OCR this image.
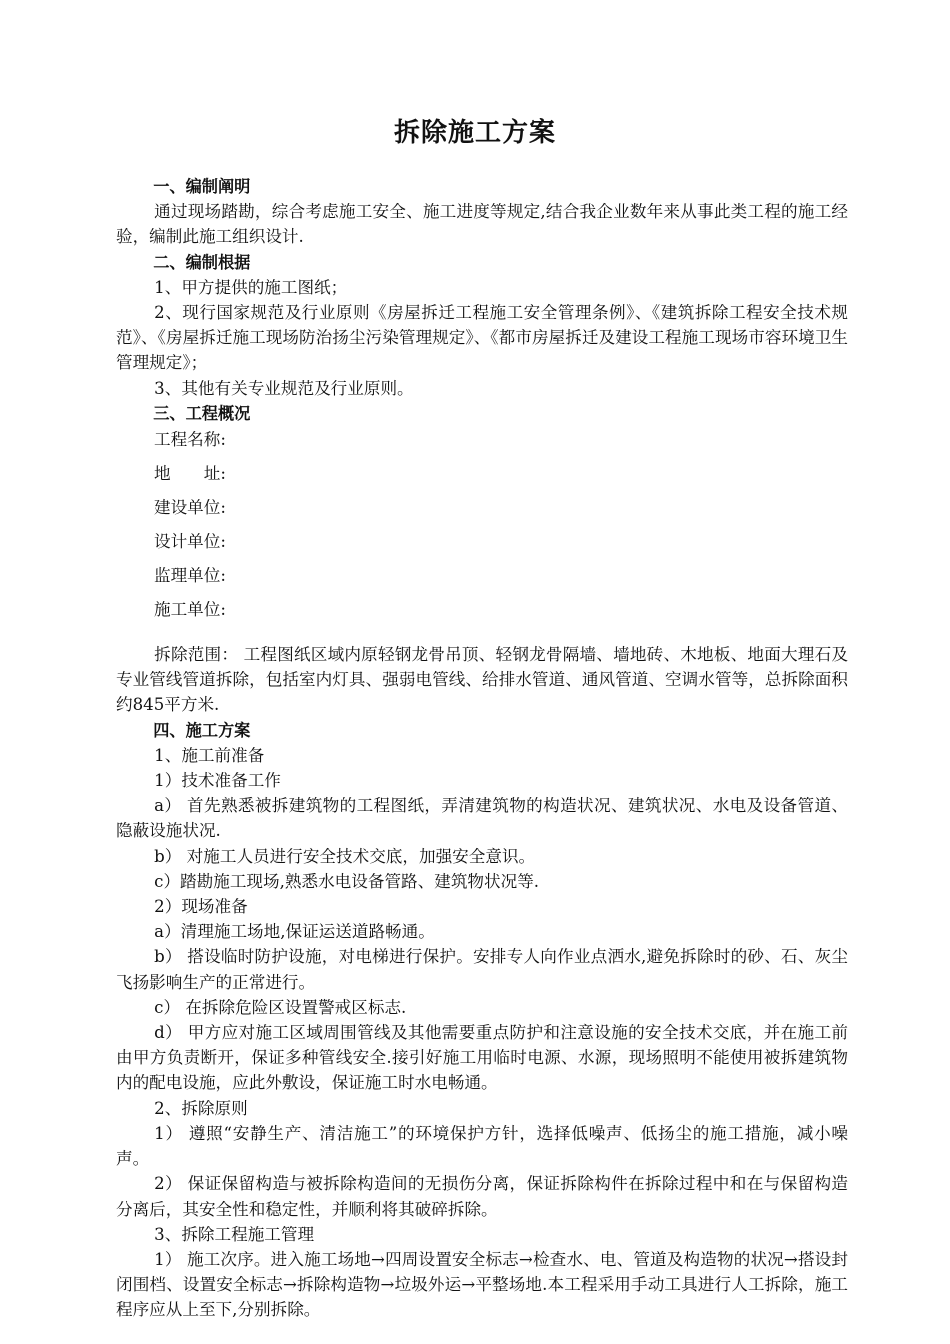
拆除施工方案

一、编制阐明

通过现场踏勘，综合考虑施工安全、施工进度等规定,结合我企业数年来从事此类工程的施工经验，编制此施工组织设计.

二、编制根据

1、甲方提供的施工图纸；

2、现行国家规范及行业原则《房屋拆迁工程施工安全管理条例》、《建筑拆除工程安全技术规范》、《房屋拆迁施工现场防治扬尘污染管理规定》、《都市房屋拆迁及建设工程施工现场市容环境卫生管理规定》；

3、其他有关专业规范及行业原则。

三、工程概况

工程名称:
地　　址:
建设单位:
设计单位:
监理单位:
施工单位:

拆除范围： 工程图纸区域内原轻钢龙骨吊顶、轻钢龙骨隔墙、墙地砖、木地板、地面大理石及专业管线管道拆除，包括室内灯具、强弱电管线、给排水管道、通风管道、空调水管等，总拆除面积约845平方米.

四、施工方案

1、施工前准备

1）技术准备工作

a） 首先熟悉被拆建筑物的工程图纸，弄清建筑物的构造状况、建筑状况、水电及设备管道、隐蔽设施状况.

b） 对施工人员进行安全技术交底，加强安全意识。

c）踏勘施工现场,熟悉水电设备管路、建筑物状况等.

2）现场准备

a）清理施工场地,保证运送道路畅通。

b） 搭设临时防护设施，对电梯进行保护。安排专人向作业点洒水,避免拆除时的砂、石、灰尘飞扬影响生产的正常进行。

c） 在拆除危险区设置警戒区标志.

d） 甲方应对施工区域周围管线及其他需要重点防护和注意设施的安全技术交底，并在施工前由甲方负责断开，保证多种管线安全.接引好施工用临时电源、水源，现场照明不能使用被拆建筑物内的配电设施，应此外敷设，保证施工时水电畅通。

2、拆除原则

1） 遵照“安静生产、清洁施工”的环境保护方针，选择低噪声、低扬尘的施工措施，减小噪声。

2） 保证保留构造与被拆除构造间的无损伤分离，保证拆除构件在拆除过程中和在与保留构造分离后，其安全性和稳定性，并顺利将其破碎拆除。

3、拆除工程施工管理

1） 施工次序。进入施工场地→四周设置安全标志→检查水、电、管道及构造物的状况→搭设封闭围档、设置安全标志→拆除构造物→垃圾外运→平整场地.本工程采用手动工具进行人工拆除，施工程序应从上至下,分别拆除。
